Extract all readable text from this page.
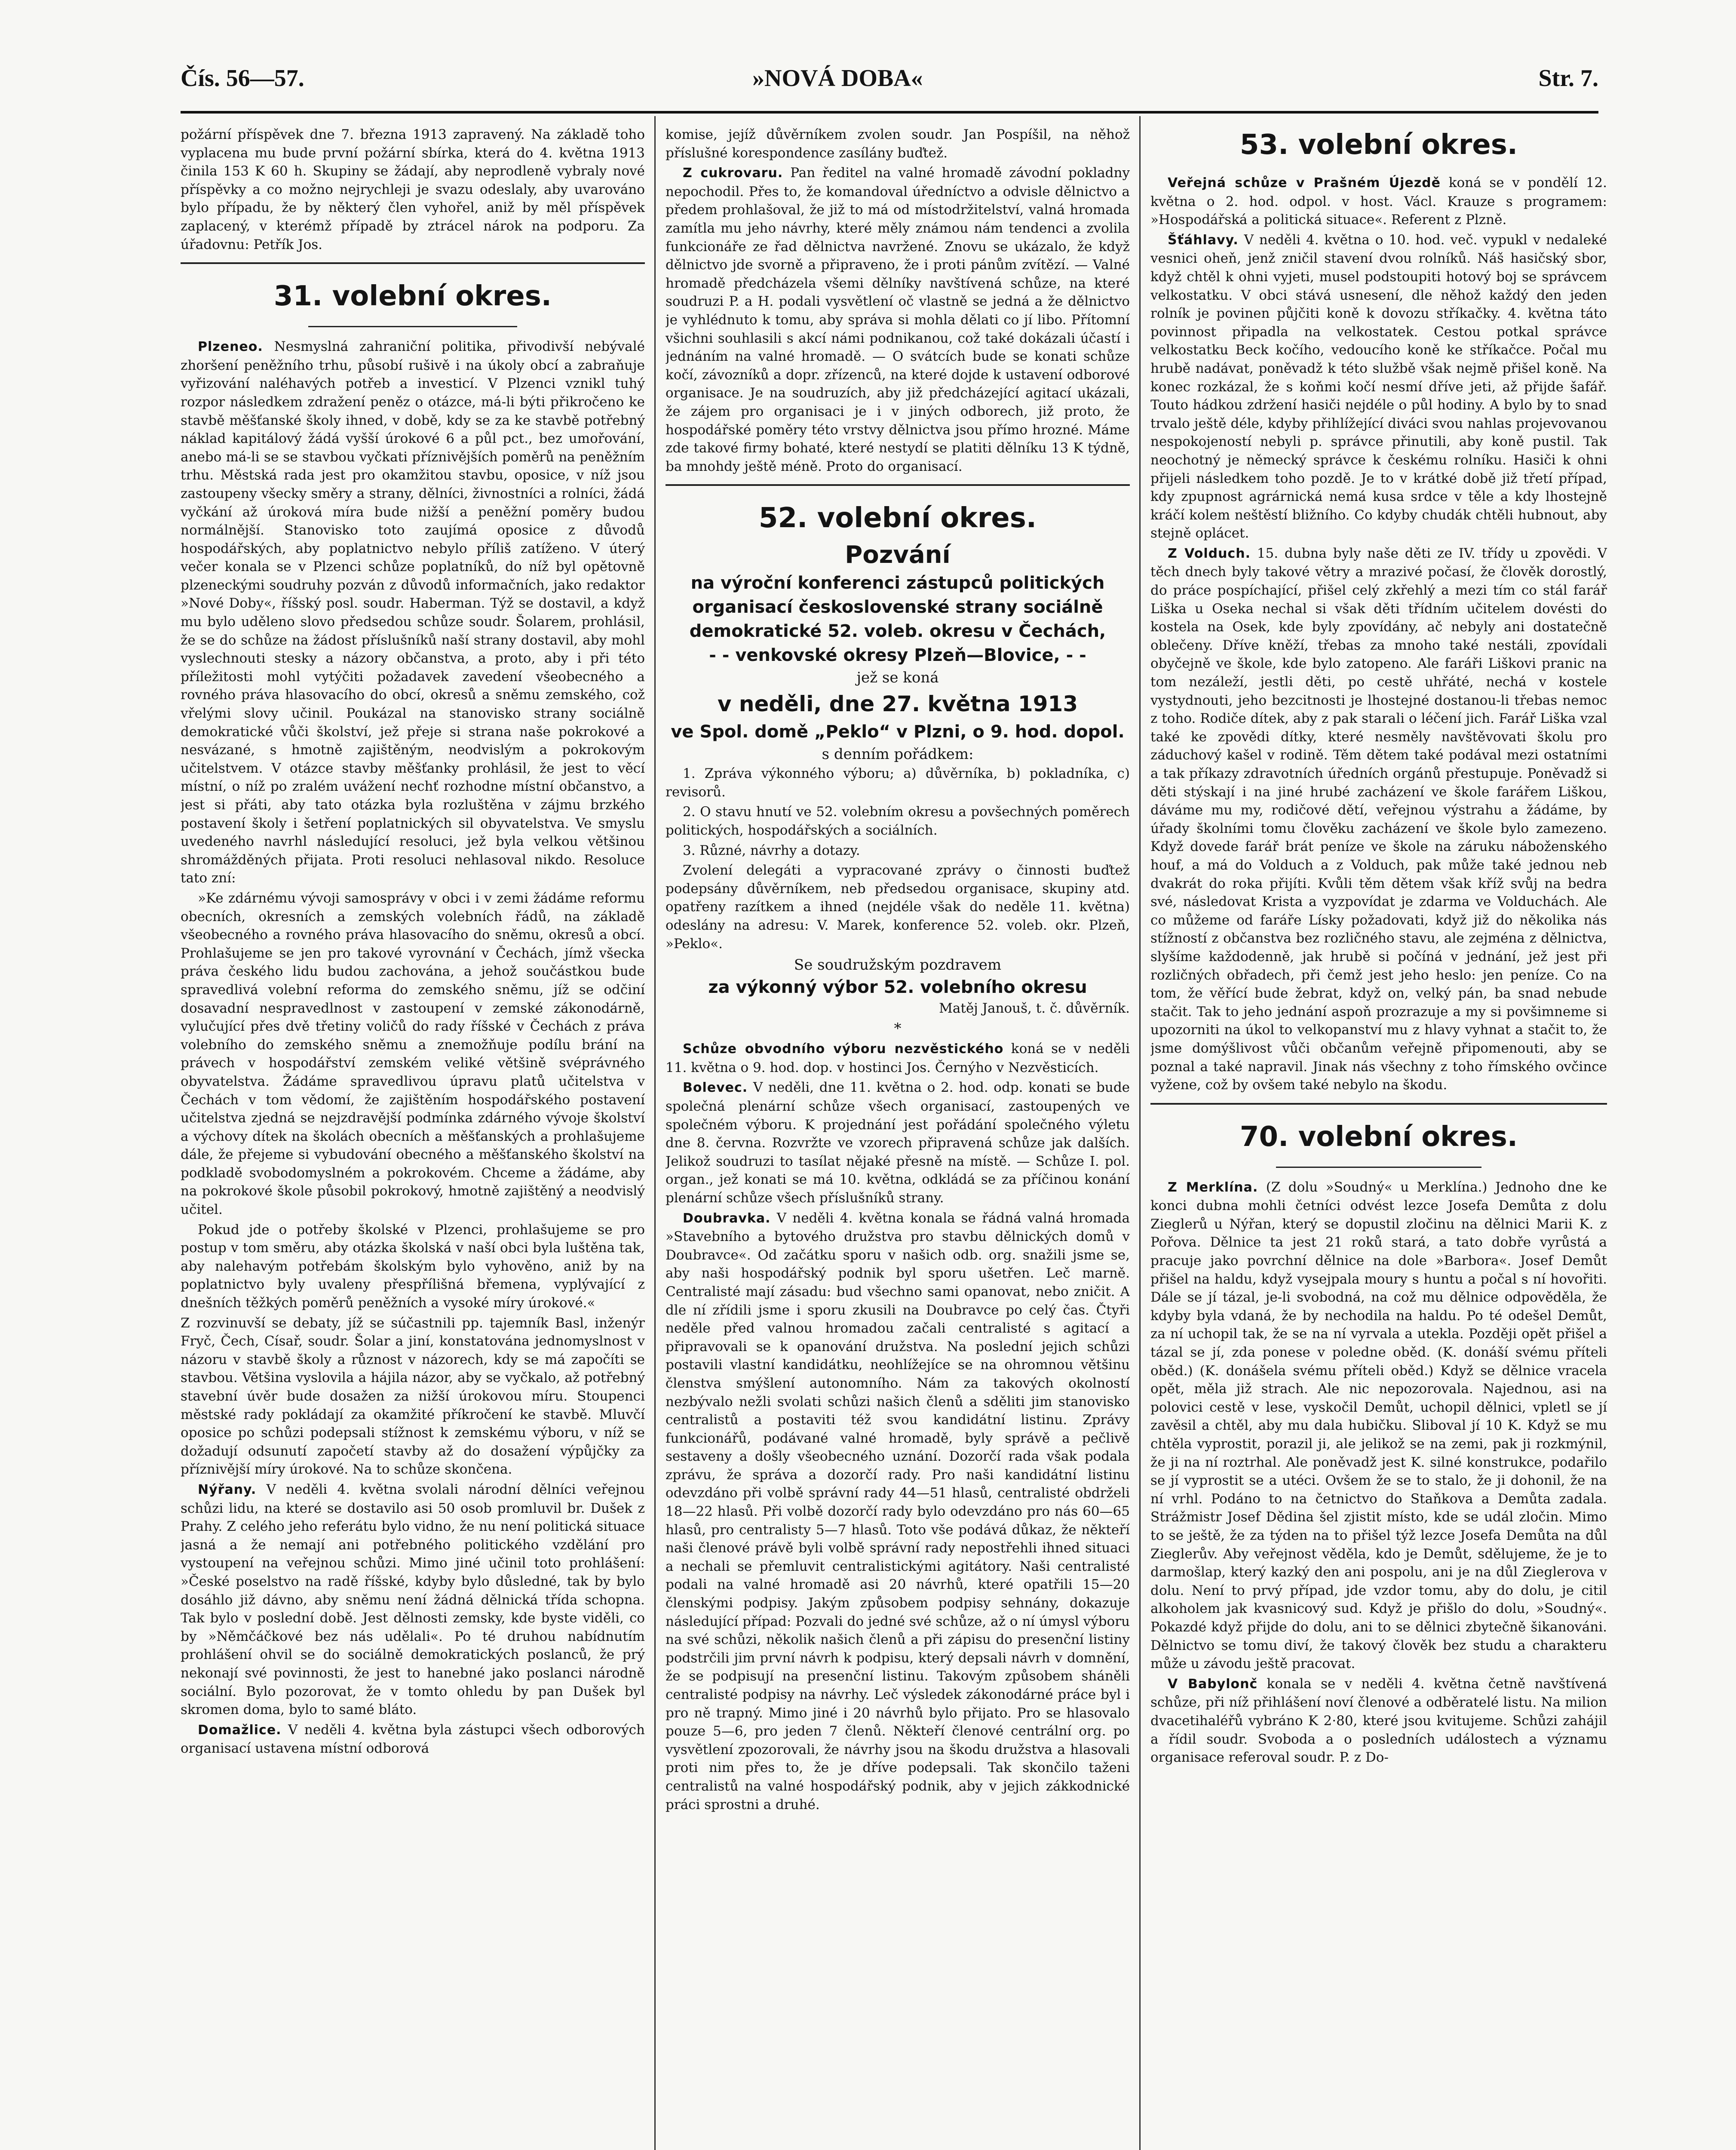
Čís. 56—57.	»NOVÁ DOBA«	Str. 7.

požární příspěvek dne 7. března 1913 zapravený. Na základě toho vyplacena mu bude první požární sbírka, která do 4. května 1913 činila 153 K 60 h. Skupiny se žádají, aby neprodleně vybraly nové příspěvky a co možno nejrychleji je svazu odeslaly, aby uvarováno bylo případu, že by některý člen vyhořel, aniž by měl příspěvek zaplacený, v kterémž případě by ztrácel nárok na podporu. Za úřadovnu: Petřík Jos.

31. volební okres.

Plzeneo. Nesmyslná zahraniční politika, přivodivší nebývalé zhoršení peněžního trhu, působí rušivě i na úkoly obcí a zabraňuje vyřizování naléhavých potřeb a investicí. V Plzenci vznikl tuhý rozpor následkem zdražení peněz o otázce, má-li býti přikročeno ke stavbě měšťanské školy ihned, v době, kdy se za ke stavbě potřebný náklad kapitálový žádá vyšší úrokové 6 a půl pct., bez umořování, anebo má-li se se stavbou vyčkati příznivějších poměrů na peněžním trhu. Městská rada jest pro okamžitou stavbu, oposice, v níž jsou zastoupeny všecky směry a strany, dělníci, živnostníci a rolníci, žádá vyčkání až úroková míra bude nižší a peněžní poměry budou normálnější. Stanovisko toto zaujímá oposice z důvodů hospodářských, aby poplatnictvo nebylo příliš zatíženo. V úterý večer konala se v Plzenci schůze poplatníků, do níž byl opětovně plzeneckými soudruhy pozván z důvodů informačních, jako redaktor »Nové Doby«, říšský posl. soudr. Haberman. Týž se dostavil, a když mu bylo uděleno slovo předsedou schůze soudr. Šolarem, prohlásil, že se do schůze na žádost příslušníků naší strany dostavil, aby mohl vyslechnouti stesky a názory občanstva, a proto, aby i při této příležitosti mohl vytýčiti požadavek zavedení všeobecného a rovného práva hlasovacího do obcí, okresů a sněmu zemského, což vřelými slovy učinil. Poukázal na stanovisko strany sociálně demokratické vůči školství, jež přeje si strana naše pokrokové a nesvázané, s hmotně zajištěným, neodvislým a pokrokovým učitelstvem. V otázce stavby měšťanky prohlásil, že jest to věcí místní, o níž po zralém uvážení nechť rozhodne místní občanstvo, a jest si přáti, aby tato otázka byla rozluštěna v zájmu brzkého postavení školy i šetření poplatnických sil obyvatelstva. Ve smyslu uvedeného navrhl následující resoluci, jež byla velkou většinou shromážděných přijata. Proti resoluci nehlasoval nikdo. Resoluce tato zní:

»Ke zdárnému vývoji samosprávy v obci i v zemi žádáme reformu obecních, okresních a zemských volebních řádů, na základě všeobecného a rovného práva hlasovacího do sněmu, okresů a obcí. Prohlašujeme se jen pro takové vyrovnání v Čechách, jímž všecka práva českého lidu budou zachována, a jehož součástkou bude spravedlivá volební reforma do zemského sněmu, jíž se odčiní dosavadní nespravedlnost v zastoupení v zemské zákonodárně, vylučující přes dvě třetiny voličů do rady říšské v Čechách z práva volebního do zemského sněmu a znemožňuje podílu brání na právech v hospodářství zemském veliké většině svéprávného obyvatelstva. Žádáme spravedlivou úpravu platů učitelstva v Čechách v tom vědomí, že zajištěním hospodářského postavení učitelstva zjedná se nejzdravější podmínka zdárného vývoje školství a výchovy dítek na školách obecních a měšťanských a prohlašujeme dále, že přejeme si vybudování obecného a měšťanského školství na podkladě svobodomyslném a pokrokovém. Chceme a žádáme, aby na pokrokové škole působil pokrokový, hmotně zajištěný a neodvislý učitel.

Pokud jde o potřeby školské v Plzenci, prohlašujeme se pro postup v tom směru, aby otázka školská v naší obci byla luštěna tak, aby nalehavým potřebám školským bylo vyhověno, aniž by na poplatnictvo byly uvaleny přespřílišná břemena, vyplývající z dnešních těžkých poměrů peněžních a vysoké míry úrokové.«

Z rozvinuvší se debaty, jíž se súčastnili pp. tajemník Basl, inženýr Fryč, Čech, Císař, soudr. Šolar a jiní, konstatována jednomyslnost v názoru v stavbě školy a různost v názorech, kdy se má započíti se stavbou. Většina vyslovila a hájila názor, aby se vyčkalo, až potřebný stavební úvěr bude dosažen za nižší úrokovou míru. Stoupenci městské rady pokládají za okamžité příkročení ke stavbě. Mluvčí oposice po schůzi podepsali stížnost k zemskému výboru, v níž se dožadují odsunutí započetí stavby až do dosažení výpůjčky za příznivější míry úrokové. Na to schůze skončena.

Nýřany. V neděli 4. května svolali národní dělníci veřejnou schůzi lidu, na které se dostavilo asi 50 osob promluvil br. Dušek z Prahy. Z celého jeho referátu bylo vidno, že nu není politická situace jasná a že nemají ani potřebného politického vzdělání pro vystoupení na veřejnou schůzi. Mimo jiné učinil toto prohlášení: »České poselstvo na radě říšské, kdyby bylo důsledné, tak by bylo dosáhlo již dávno, aby sněmu není žádná dělnická třída schopna. Tak bylo v poslední době. Jest dělnosti zemsky, kde byste viděli, co by »Němčáčkové bez nás udělali«. Po té druhou nabídnutím prohlášení ohvil se do sociálně demokratických poslanců, že prý nekonají své povinnosti, že jest to hanebné jako poslanci národně sociální. Bylo pozorovat, že v tomto ohledu by pan Dušek byl skromen doma, bylo to samé bláto.

Domažlice. V neděli 4. května byla zástupci všech odborových organisací ustavena místní odborová

komise, jejíž důvěrníkem zvolen soudr. Jan Pospíšil, na něhož příslušné korespondence zasílány buďtež.

Z cukrovaru. Pan ředitel na valné hromadě závodní pokladny nepochodil. Přes to, že komandoval úředníctvo a odvisle dělnictvo a předem prohlašoval, že již to má od místodržitelství, valná hromada zamítla mu jeho návrhy, které měly známou nám tendenci a zvolila funkcionáře ze řad dělnictva navržené. Znovu se ukázalo, že když dělnictvo jde svorně a připraveno, že i proti pánům zvítězí. — Valné hromadě předcházela všemi dělníky navštívená schůze, na které soudruzi P. a H. podali vysvětlení oč vlastně se jedná a že dělnictvo je vyhlédnuto k tomu, aby správa si mohla dělati co jí libo. Přítomní všichni souhlasili s akcí námi podnikanou, což také dokázali účastí i jednáním na valné hromadě. — O svátcích bude se konati schůze kočí, závozníků a dopr. zřízenců, na které dojde k ustavení odborové organisace. Je na soudruzích, aby již předcházející agitací ukázali, že zájem pro organisaci je i v jiných odborech, již proto, že hospodářské poměry této vrstvy dělnictva jsou přímo hrozné. Máme zde takové firmy bohaté, které nestydí se platiti dělníku 13 K týdně, ba mnohdy ještě méně. Proto do organisací.

52. volební okres.

Pozvání

na výroční konferenci zástupců politických organisací československé strany sociálně demokratické 52. voleb. okresu v Čechách,

- - venkovské okresy Plzeň—Blovice, - -

jež se koná

v neděli, dne 27. května 1913

ve Spol. domě „Peklo“ v Plzni, o 9. hod. dopol.

s denním pořádkem:

1. Zpráva výkonného výboru; a) důvěrníka, b) pokladníka, c) revisorů.

2. O stavu hnutí ve 52. volebním okresu a povšechných poměrech politických, hospodářských a sociálních.

3. Různé, návrhy a dotazy.

Zvolení delegáti a vypracované zprávy o činnosti buďtež podepsány důvěrníkem, neb předsedou organisace, skupiny atd. opatřeny razítkem a ihned (nejdéle však do neděle 11. května) odeslány na adresu: V. Marek, konference 52. voleb. okr. Plzeň, »Peklo«.

Se soudružským pozdravem

za výkonný výbor 52. volebního okresu

Matěj Janouš, t. č. důvěrník.

*

Schůze obvodního výboru nezvěstického koná se v neděli 11. května o 9. hod. dop. v hostinci Jos. Černýho v Nezvěsticích.

Bolevec. V neděli, dne 11. května o 2. hod. odp. konati se bude společná plenární schůze všech organisací, zastoupených ve společném výboru. K projednání jest pořádání společného výletu dne 8. června. Rozvržte ve vzorech připravená schůze jak dalších. Jelikož soudruzi to tasílat nějaké přesně na místě. — Schůze I. pol. organ., jež konati se má 10. května, odkládá se za příčinou konání plenární schůze všech příslušníků strany.

Doubravka. V neděli 4. května konala se řádná valná hromada »Stavebního a bytového družstva pro stavbu dělnických domů v Doubravce«. Od začátku sporu v našich odb. org. snažili jsme se, aby naši hospodářský podnik byl sporu ušetřen. Leč marně. Centralisté mají zásadu: bud všechno sami opanovat, nebo zničit. A dle ní zřídili jsme i sporu zkusili na Doubravce po celý čas. Čtyři neděle před valnou hromadou začali centralisté s agitací a připravovali se k opanování družstva. Na poslední jejich schůzi postavili vlastní kandidátku, neohlížejíce se na ohromnou většinu členstva smýšlení autonomního. Nám za takových okolností nezbývalo nežli svolati schůzi našich členů a sděliti jim stanovisko centralistů a postaviti též svou kandidátní listinu. Zprávy funkcionářů, podávané valné hromadě, byly správě a pečlivě sestaveny a došly všeobecného uznání. Dozorčí rada však podala zprávu, že správa a dozorčí rady. Pro naši kandidátní listinu odevzdáno při volbě správní rady 44—51 hlasů, centralisté obdrželi 18—22 hlasů. Při volbě dozorčí rady bylo odevzdáno pro nás 60—65 hlasů, pro centralisty 5—7 hlasů. Toto vše podává důkaz, že někteří naši členové právě byli volbě správní rady nepostřehli ihned situaci a nechali se přemluvit centralistickými agitátory. Naši centralisté podali na valné hromadě asi 20 návrhů, které opatřili 15—20 členskými podpisy. Jakým způsobem podpisy sehnány, dokazuje následující případ: Pozvali do jedné své schůze, až o ní úmysl výboru na své schůzi, několik našich členů a při zápisu do presenční listiny podstrčili jim první návrh k podpisu, který depsali návrh v domnění, že se podpisují na presenční listinu. Takovým způsobem sháněli centralisté podpisy na návrhy. Leč výsledek zákonodárné práce byl i pro ně trapný. Mimo jiné i 20 návrhů bylo přijato. Pro se hlasovalo pouze 5—6, pro jeden 7 členů. Někteří členové centrální org. po vysvětlení zpozorovali, že návrhy jsou na škodu družstva a hlasovali proti nim přes to, že je dříve podepsali. Tak skončilo taženi centralistů na valné hospodářský podnik, aby v jejich zákkodnické práci sprostni a druhé.

53. volební okres.

Veřejná schůze v Prašném Újezdě koná se v pondělí 12. května o 2. hod. odpol. v host. Václ. Krauze s programem: »Hospodářská a politická situace«. Referent z Plzně.

Šťáhlavy. V neděli 4. května o 10. hod. več. vypukl v nedaleké vesnici oheň, jenž zničil stavení dvou rolníků. Náš hasičský sbor, když chtěl k ohni vyjeti, musel podstoupiti hotový boj se správcem velkostatku. V obci stává usnesení, dle něhož každý den jeden rolník je povinen půjčiti koně k dovozu stříkačky. 4. května táto povinnost připadla na velkostatek. Cestou potkal správce velkostatku Beck kočího, vedoucího koně ke stříkačce. Počal mu hrubě nadávat, poněvadž k této službě však nejmě přišel koně. Na konec rozkázal, že s koňmi kočí nesmí dříve jeti, až přijde šafář. Touto hádkou zdržení hasiči nejdéle o půl hodiny. A bylo by to snad trvalo ještě déle, kdyby přihlížející diváci svou nahlas projevovanou nespokojeností nebyli p. správce přinutili, aby koně pustil. Tak neochotný je německý správce k českému rolníku. Hasiči k ohni přijeli následkem toho pozdě. Je to v krátké době již třetí případ, kdy zpupnost agrárnická nemá kusa srdce v těle a kdy lhostejně kráčí kolem neštěstí bližního. Co kdyby chudák chtěli hubnout, aby stejně oplácet.

Z Volduch. 15. dubna byly naše děti ze IV. třídy u zpovědi. V těch dnech byly takové větry a mrazivé počasí, že člověk dorostlý, do práce pospíchající, přišel celý zkřehlý a mezi tím co stál farář Liška u Oseka nechal si však děti třídním učitelem dovésti do kostela na Osek, kde byly zpovídány, ač nebyly ani dostatečně oblečeny. Dříve kněží, třebas za mnoho také nestáli, zpovídali obyčejně ve škole, kde bylo zatopeno. Ale faráři Liškovi pranic na tom nezáleží, jestli děti, po cestě uhřáté, nechá v kostele vystydnouti, jeho bezcitnosti je lhostejné dostanou-li třebas nemoc z toho. Rodiče dítek, aby z pak starali o léčení jich. Farář Liška vzal také ke zpovědi dítky, které nesměly navštěvovati školu pro záduchový kašel v rodině. Těm dětem také podával mezi ostatními a tak příkazy zdravotních úředních orgánů přestupuje. Poněvadž si děti stýskají i na jiné hrubé zacházení ve škole farářem Liškou, dáváme mu my, rodičové dětí, veřejnou výstrahu a žádáme, by úřady školními tomu člověku zacházení ve škole bylo zamezeno. Když dovede farář brát peníze ve škole na záruku náboženského houf, a má do Volduch a z Volduch, pak může také jednou neb dvakrát do roka přijíti. Kvůli těm dětem však kříž svůj na bedra své, následovat Krista a vyzpovídat je zdarma ve Volduchách. Ale co můžeme od faráře Lísky požadovati, když již do několika nás stížností z občanstva bez rozličného stavu, ale zejména z dělnictva, slyšíme každodenně, jak hrubě si počíná v jednání, jež jest při rozličných obřadech, při čemž jest jeho heslo: jen peníze. Co na tom, že věřící bude žebrat, když on, velký pán, ba snad nebude stačit. Tak to jeho jednání aspoň prozrazuje a my si povšimneme si upozorniti na úkol to velkopanství mu z hlavy vyhnat a stačit to, že jsme domýšlivost vůči občanům veřejně připomenouti, aby se poznal a také napravil. Jinak nás všechny z toho římského ovčince vyžene, což by ovšem také nebylo na škodu.

70. volební okres.

Z Merklína. (Z dolu »Soudný« u Merklína.) Jednoho dne ke konci dubna mohli četníci odvést lezce Josefa Demůta z dolu Zieglerů u Nýřan, který se dopustil zločinu na dělnici Marii K. z Pořova. Dělnice ta jest 21 roků stará, a tato dobře vyrůstá a pracuje jako povrchní dělnice na dole »Barbora«. Josef Demůt přišel na haldu, když vysejpala moury s huntu a počal s ní hovořiti. Dále se jí tázal, je-li svobodná, na což mu dělnice odpověděla, že kdyby byla vdaná, že by nechodila na haldu. Po té odešel Demůt, za ní uchopil tak, že se na ní vyrvala a utekla. Později opět přišel a tázal se jí, zda ponese v poledne oběd. (K. donáší svému příteli oběd.) (K. donášela svému příteli oběd.) Když se dělnice vracela opět, měla již strach. Ale nic nepozorovala. Najednou, asi na polovici cestě v lese, vyskočil Demůt, uchopil dělnici, vpletl se jí zavěsil a chtěl, aby mu dala hubičku. Sliboval jí 10 K. Když se mu chtěla vyprostit, porazil ji, ale jelikož se na zemi, pak ji rozkmýnil, že ji na ní roztrhal. Ale poněvadž jest K. silné konstrukce, podařilo se jí vyprostit se a utéci. Ovšem že se to stalo, že ji dohonil, že na ní vrhl. Podáno to na četnictvo do Staňkova a Demůta zadala. Strážmistr Josef Dědina šel zjistit místo, kde se udál zločin. Mimo to se ještě, že za týden na to přišel týž lezce Josefa Demůta na důl Zieglerův. Aby veřejnost věděla, kdo je Demůt, sdělujeme, že je to darmošlap, který kazký den ani pospolu, ani je na důl Zieglerova v dolu. Není to prvý případ, jde vzdor tomu, aby do dolu, je citil alkoholem jak kvasnicový sud. Když je přišlo do dolu, »Soudný«. Pokazdé když přijde do dolu, ani to se dělnici zbytečně šikanováni. Dělnictvo se tomu diví, že takový člověk bez studu a charakteru může u závodu ještě pracovat.

V Babylonč konala se v neděli 4. května četně navštívená schůze, při níž přihlášení noví členové a odběratelé listu. Na milion dvacetihaléřů vybráno K 2·80, které jsou kvitujeme. Schůzi zahájil a řídil soudr. Svoboda a o posledních událostech a významu organisace referoval soudr. P. z Do-
